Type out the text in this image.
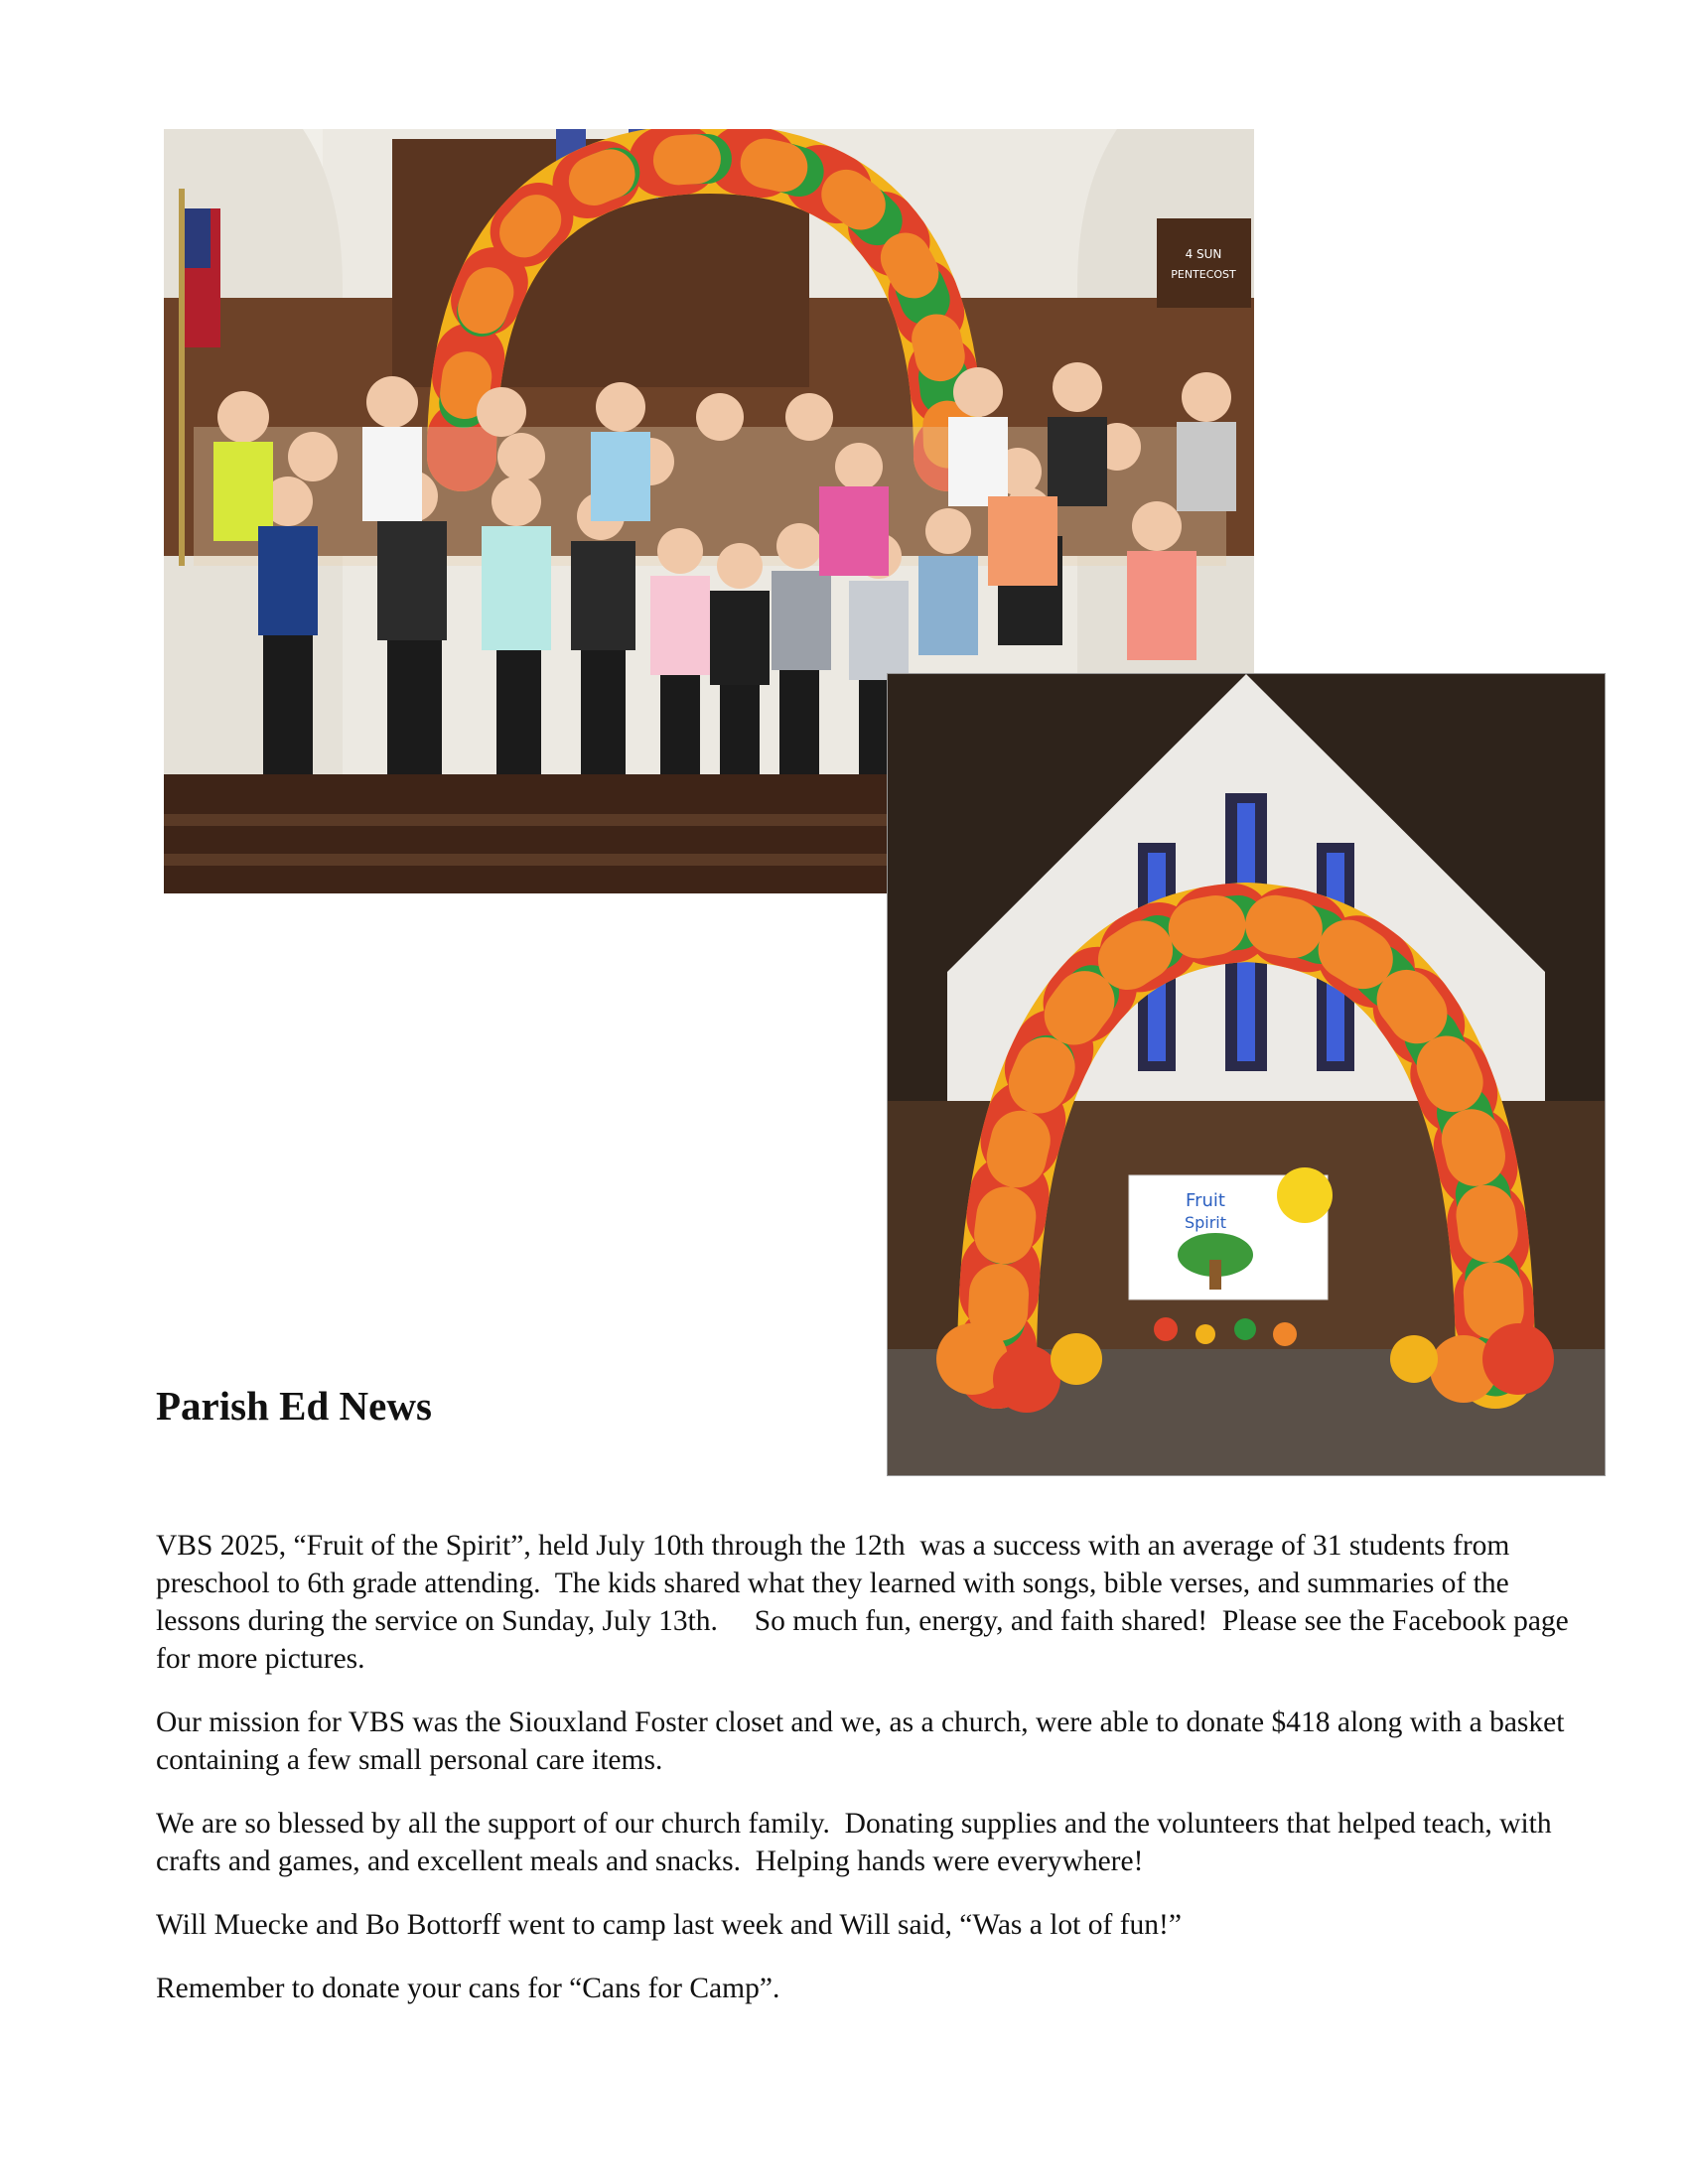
4 SUN
PENTECOST
Fruit
Spirit
Parish Ed News

VBS 2025, “Fruit of the Spirit”, held July 10th through the 12th  was a success with an average of 31 students from preschool to 6th grade attending.  The kids shared what they learned with songs, bible verses, and summaries of the lessons during the service on Sunday, July 13th.     So much fun, energy, and faith shared!  Please see the Facebook page for more pictures.

Our mission for VBS was the Siouxland Foster closet and we, as a church, were able to donate $418 along with a basket containing a few small personal care items.

We are so blessed by all the support of our church family.  Donating supplies and the volunteers that helped teach, with crafts and games, and excellent meals and snacks.  Helping hands were everywhere!

Will Muecke and Bo Bottorff went to camp last week and Will said, “Was a lot of fun!”

Remember to donate your cans for “Cans for Camp”.
